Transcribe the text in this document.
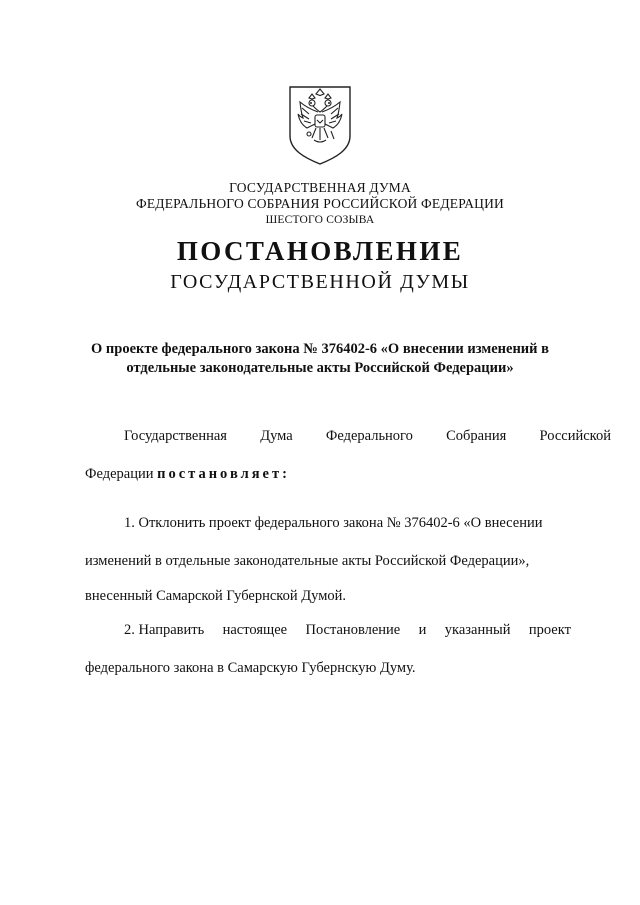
ГОСУДАРСТВЕННАЯ ДУМА
ФЕДЕРАЛЬНОГО СОБРАНИЯ РОССИЙСКОЙ ФЕДЕРАЦИИ
ШЕСТОГО СОЗЫВА
ПОСТАНОВЛЕНИЕ
ГОСУДАРСТВЕННОЙ ДУМЫ
О проекте федерального закона № 376402-6 «О внесении изменений в
отдельные законодательные акты Российской Федерации»
Государственная Дума Федерального Собрания Российской
Федерации постановляет:
1. Отклонить проект федерального закона № 376402-6 «О внесении
изменений в отдельные законодательные акты Российской Федерации»,
внесенный Самарской Губернской Думой.
2. Направить настоящее Постановление и указанный проект
федерального закона в Самарскую Губернскую Думу.
